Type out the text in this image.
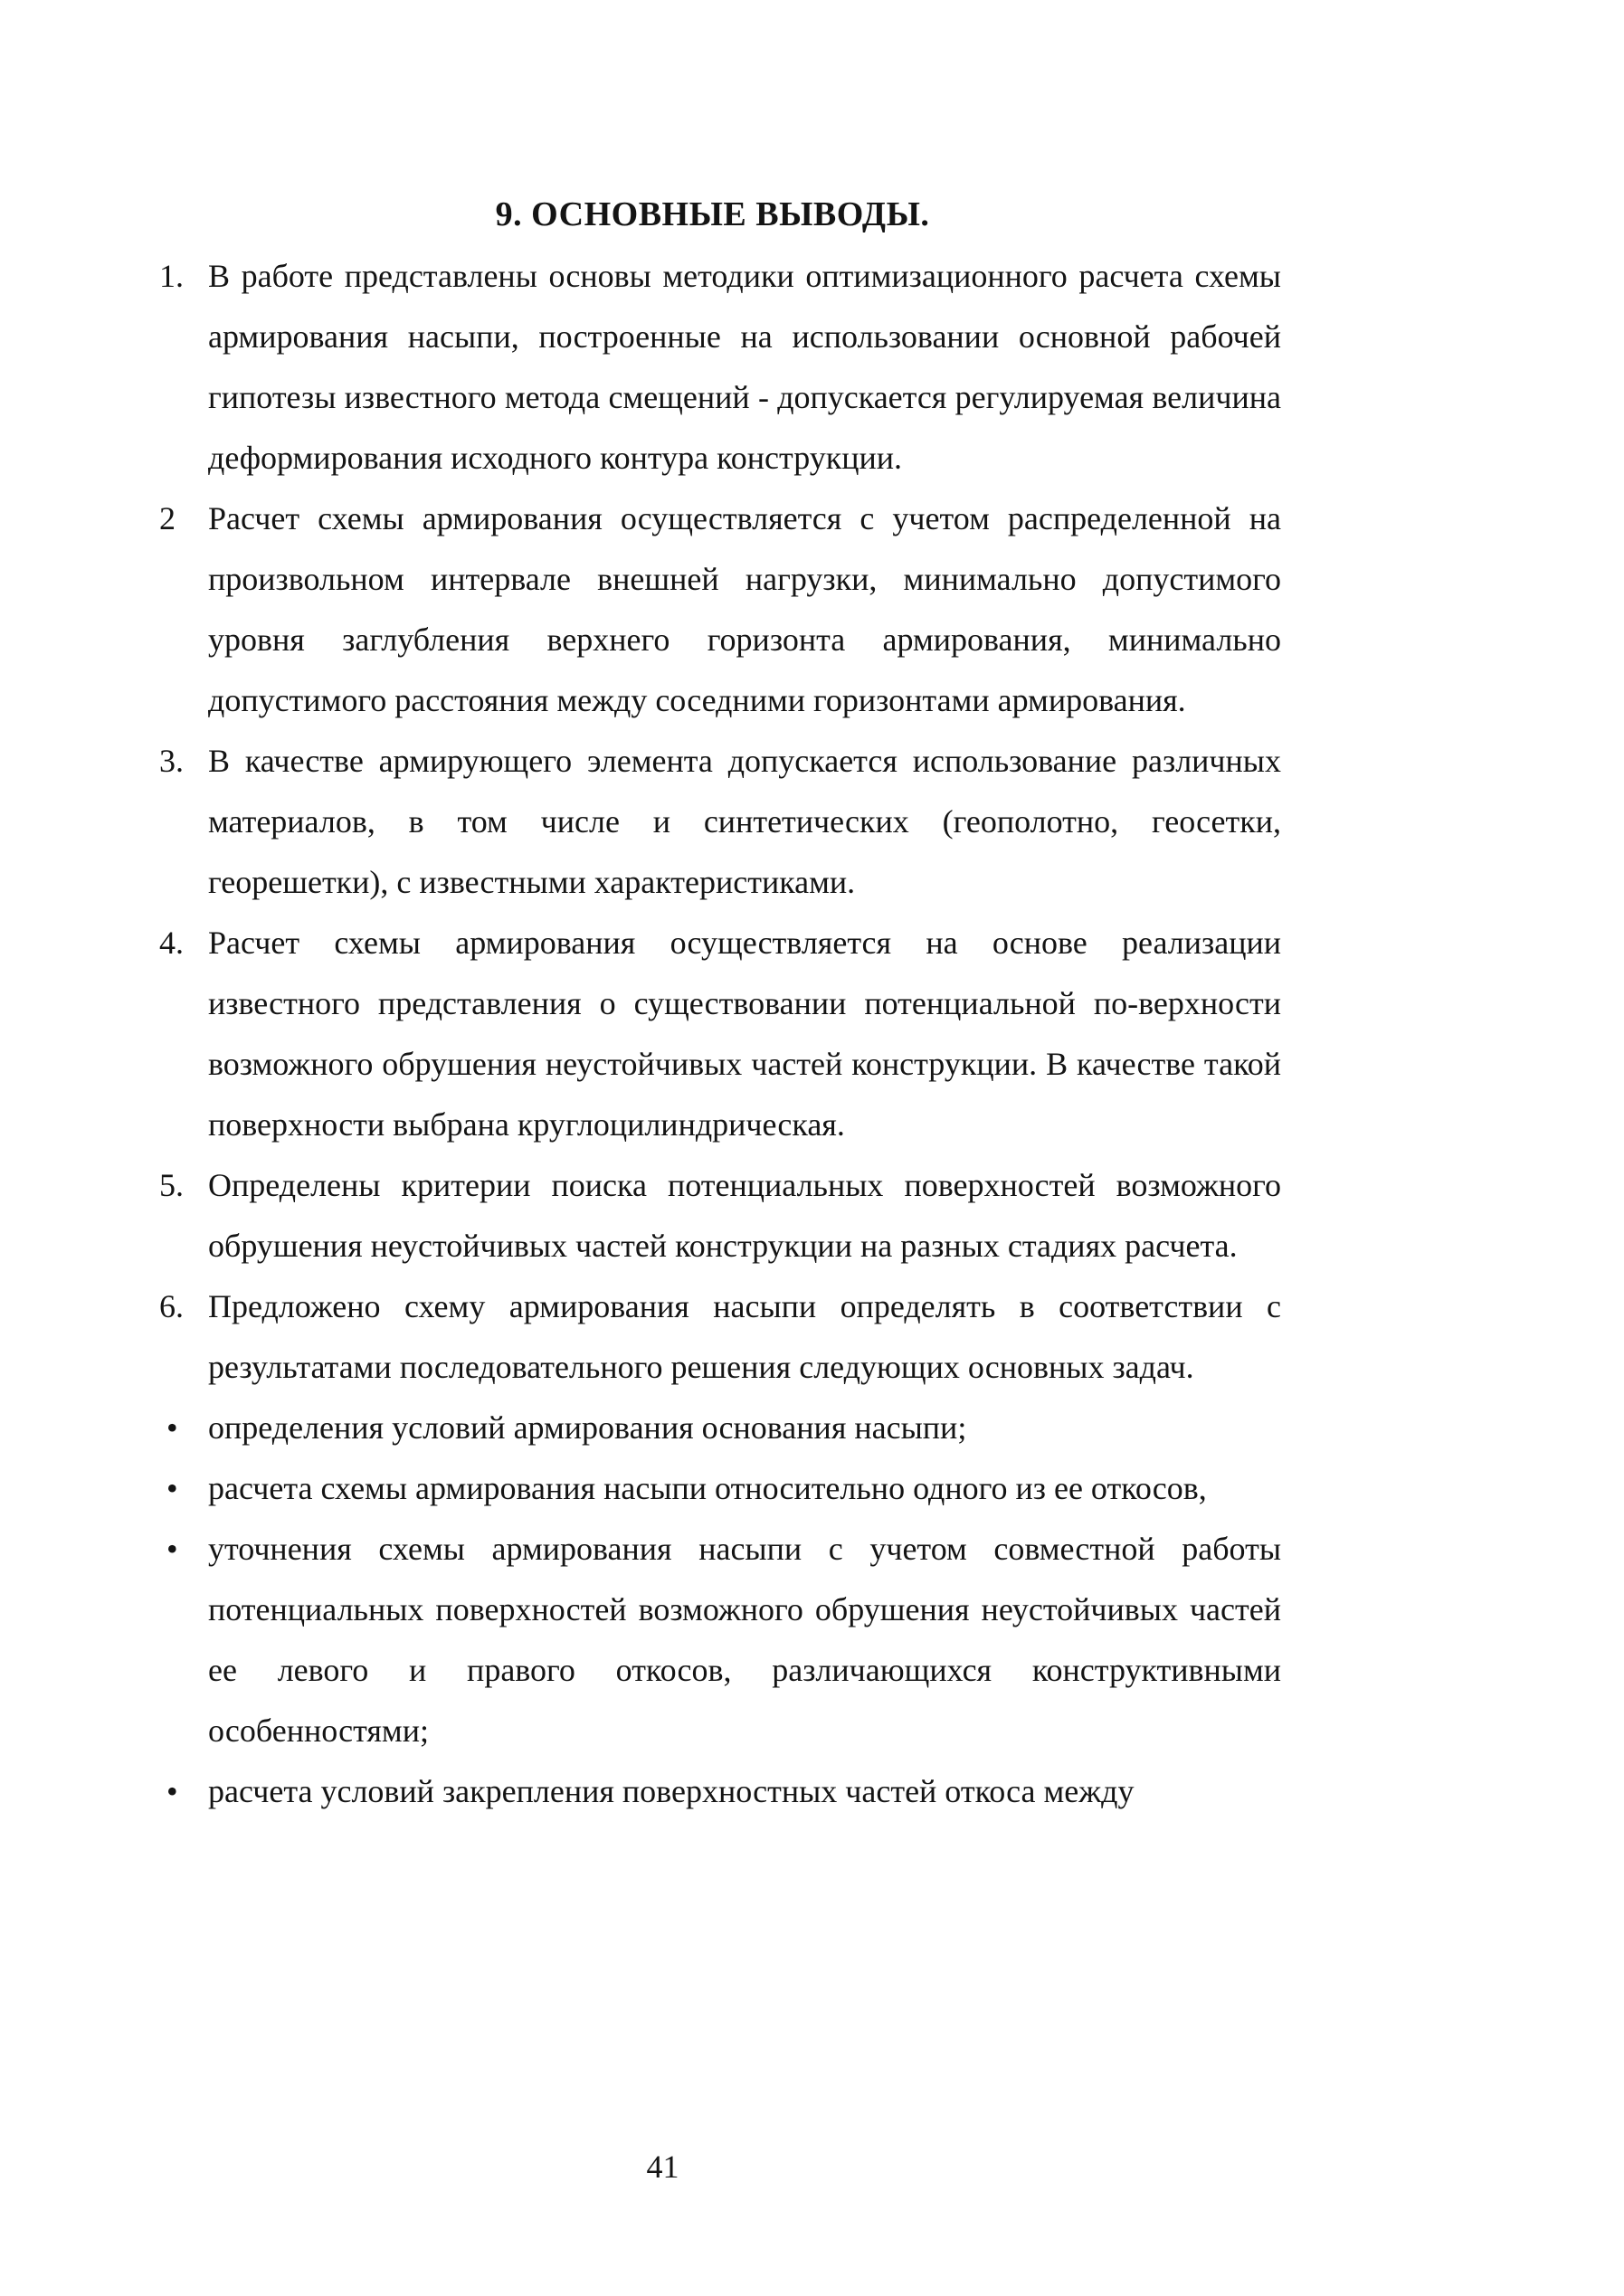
9. ОСНОВНЫЕ ВЫВОДЫ.
1. В работе представлены основы методики оптимизационного расчета схемы армирования насыпи, построенные на использовании основной рабочей гипотезы известного метода смещений - допускается регулируемая величина деформирования исходного контура конструкции.
2 Расчет схемы армирования осуществляется с учетом распределенной на произвольном интервале внешней нагрузки, минимально допустимого уровня заглубления верхнего горизонта армирования, минимально допустимого расстояния между соседними горизонтами армирования.
3. В качестве армирующего элемента допускается использование различных материалов, в том числе и синтетических (геополотно, геосетки, георешетки), с известными характеристиками.
4. Расчет схемы армирования осуществляется на основе реализации известного представления о существовании потенциальной по-верхности возможного обрушения неустойчивых частей конструкции. В качестве такой поверхности выбрана круглоцилиндрическая.
5. Определены критерии поиска потенциальных поверхностей возможного обрушения неустойчивых частей конструкции на разных стадиях расчета.
6. Предложено схему армирования насыпи определять в соответствии с результатами последовательного решения следующих основных задач.
• определения условий армирования основания насыпи;
• расчета схемы армирования насыпи относительно одного из ее откосов,
• уточнения схемы армирования насыпи с учетом совместной работы потенциальных поверхностей возможного обрушения неустойчивых частей ее левого и правого откосов, различающихся конструктивными особенностями;
• расчета условий закрепления поверхностных частей откоса между
41
